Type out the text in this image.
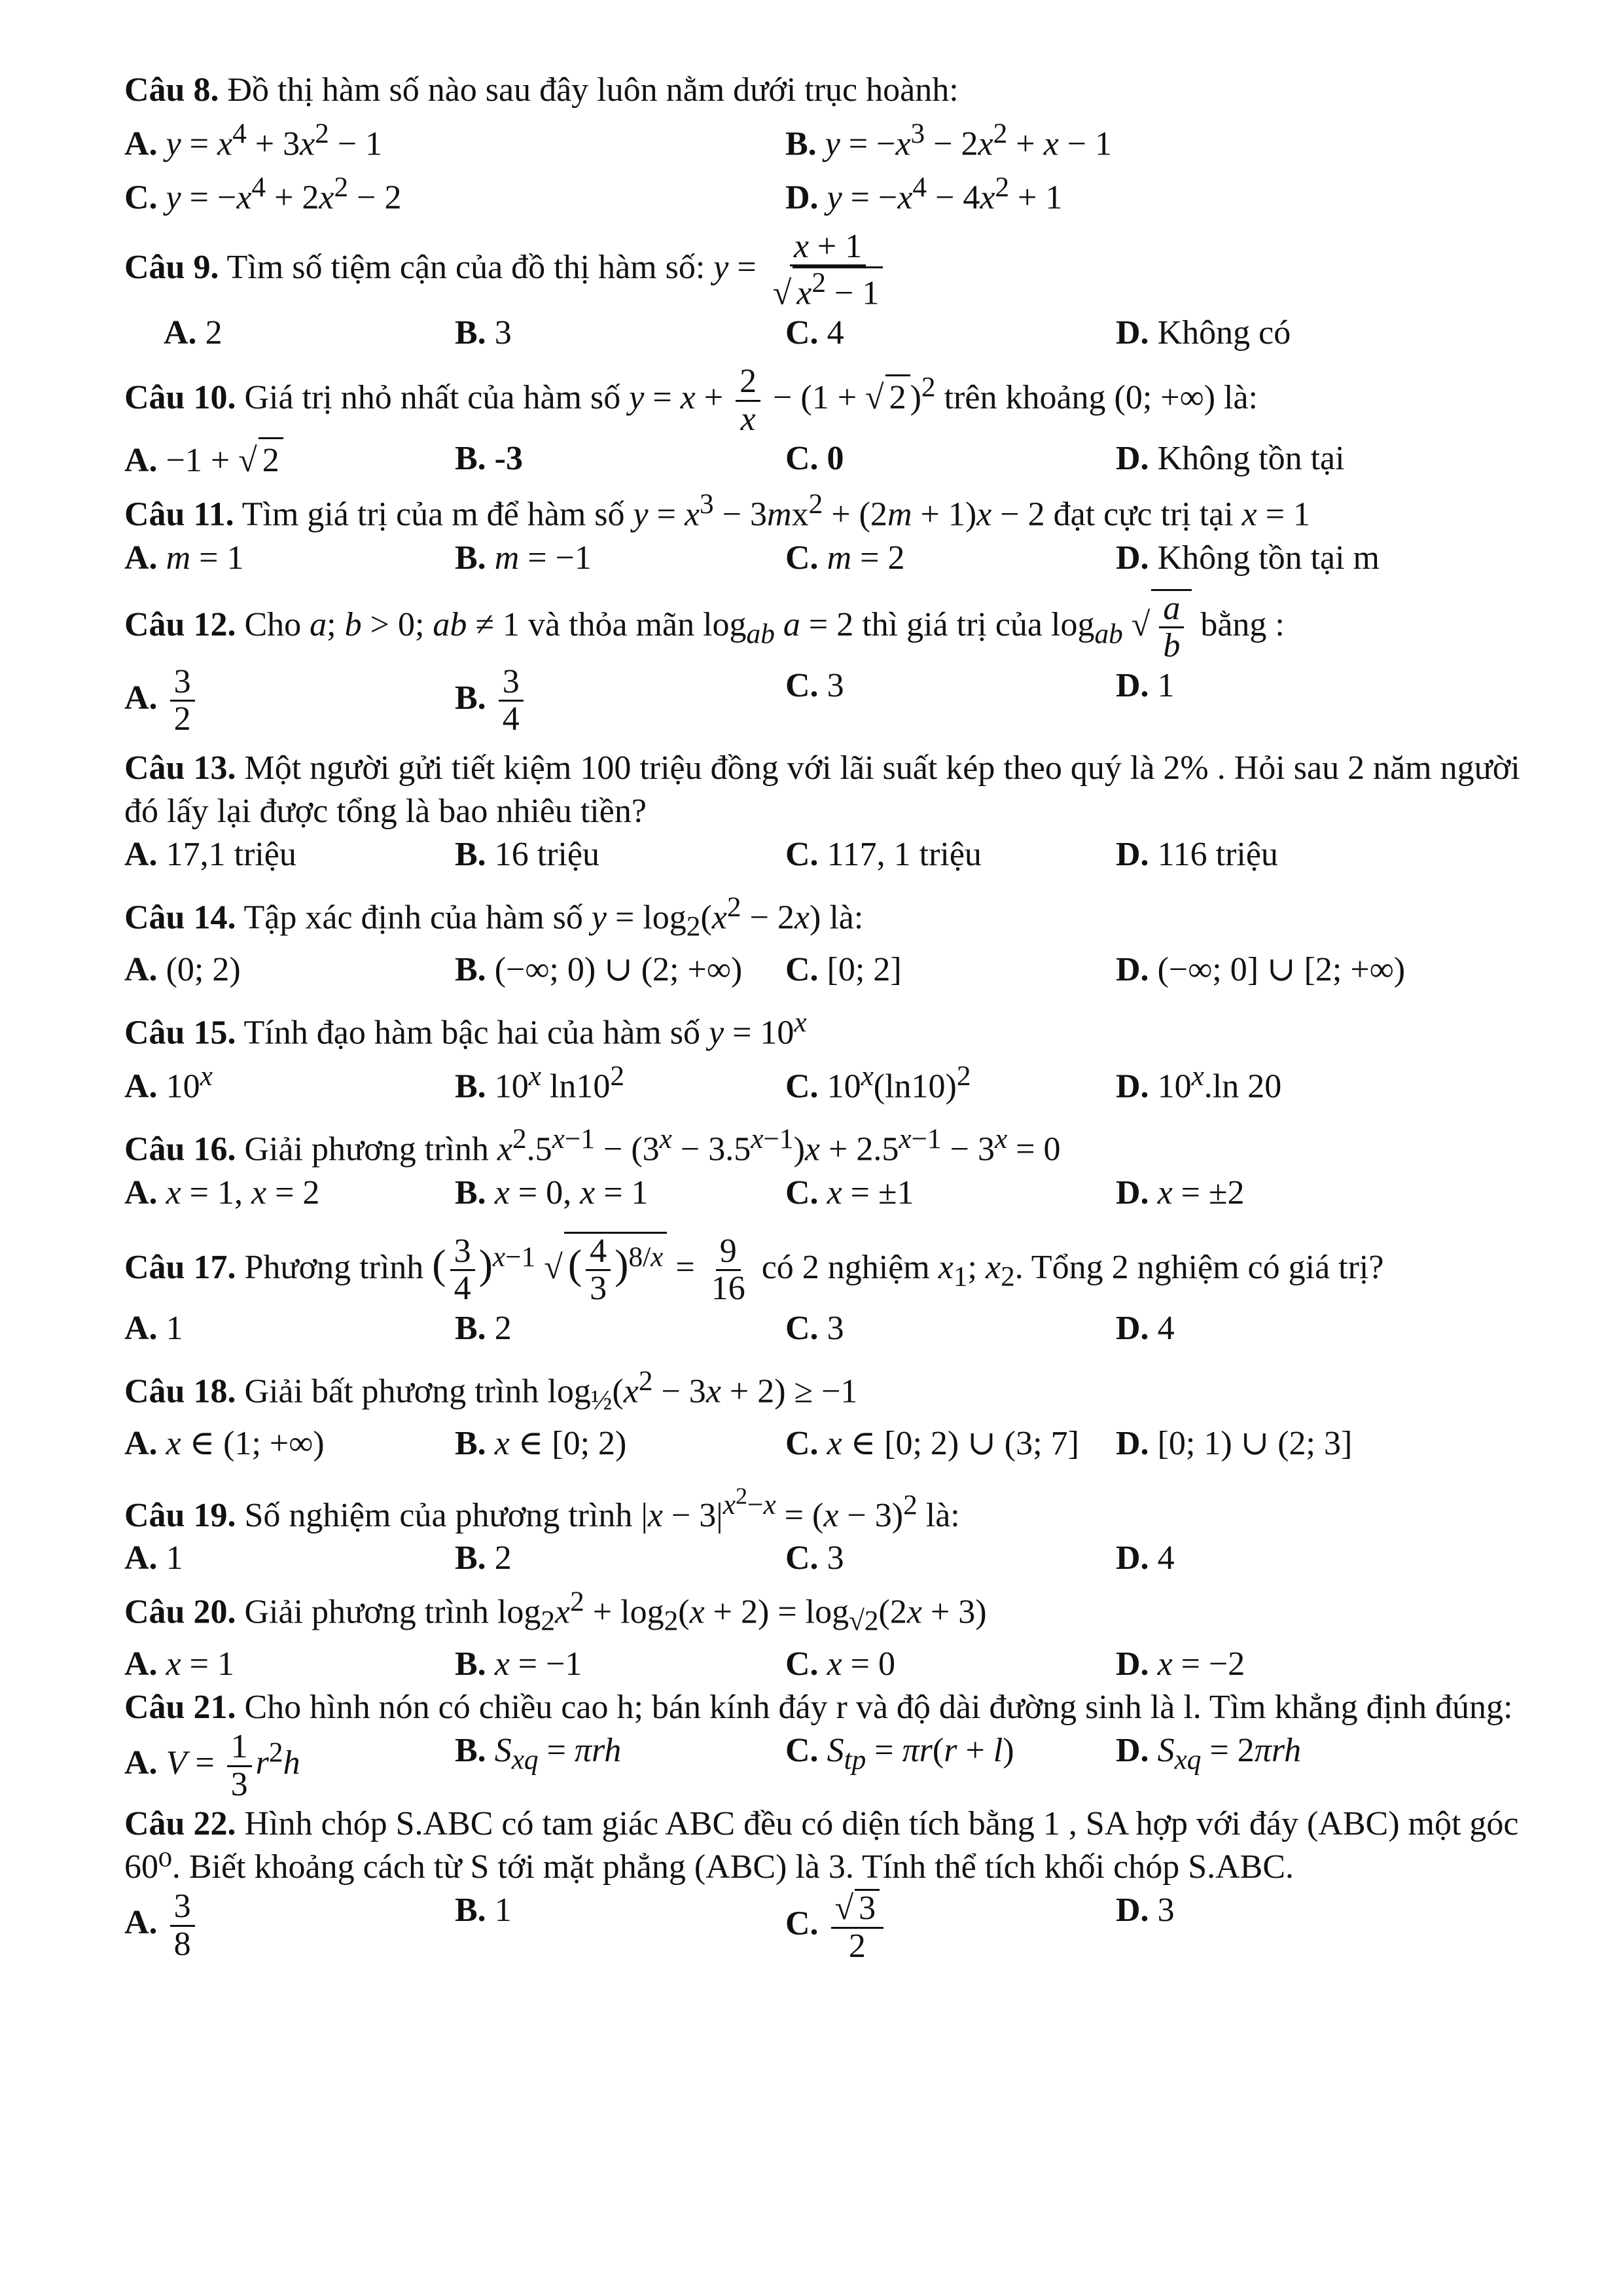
Câu 8. Đồ thị hàm số nào sau đây luôn nằm dưới trục hoành:

A. $y = x^4 + 3x^2 - 1$	B. $y = -x^3 - 2x^2 + x - 1$
C. $y = -x^4 + 2x^2 - 2$	D. $y = -x^4 - 4x^2 + 1$

Câu 9. Tìm số tiệm cận của đồ thị hàm số: $y = \frac{x + 1}{√ x^2 - 1}$

A. 2	B. 3	C. 4	D. Không có

Câu 10. Giá trị nhỏ nhất của hàm số $y = x + \frac{2}{x} - (1$ + √ 2 )$^2$ trên khoảng (0; +∞) là:

A. −1 + √ 2	B. -3	C. 0	D. Không tồn tại

Câu 11. Tìm giá trị của m để hàm số $y = x^3 - 3mx^2 + (2m + 1)x - 2$ đạt cực trị tại x = 1

A. m = 1	B. m = −1	C. m = 2	D. Không tồn tại m

Câu 12. Cho a; b > 0; ab ≠ 1 và thỏa mãn $\log_{ab} a = 2$ thì giá trị của $\log_{ab}$ √ $\frac{a}{b}$ bằng :

A. $\frac{3}{2}$	B. $\frac{3}{4}$	C. 3	D. 1

Câu 13. Một người gửi tiết kiệm 100 triệu đồng với lãi suất kép theo quý là 2% . Hỏi sau 2 năm người đó lấy lại được tổng là bao nhiêu tiền?

A. 17,1 triệu	B. 16 triệu	C. 117, 1 triệu	D. 116 triệu

Câu 14. Tập xác định của hàm số $y = \log_2(x^2 - 2x)$ là:

A. (0; 2)	B. (−∞; 0) ∪ (2; +∞)	C. [0; 2]	D. (−∞; 0] ∪ [2; +∞)

Câu 15. Tính đạo hàm bậc hai của hàm số $y = 10^x$

A. 10$^x$	B. 10$^x$ $\ln 10^2$	C. $10^x(\ln 10)^2$	D. 10$^x$.ln 20

Câu 16. Giải phương trình $x^2.5^{x-1} - (3^x - 3.5^{x-1})x + 2.5^{x-1} - 3^x = 0$

A. x = 1, x = 2	B. x = 0, x = 1	C. x = ±1	D. x = ±2

Câu 17. Phương trình ( $\frac{3}{4} )^{x-1}$ √ ( $\frac{4}{3} )^{8/x} = \frac{9}{16}$ có 2 nghiệm $x_1$; $x_2$. Tổng 2 nghiệm có giá trị?

A. 1	B. 2	C. 3	D. 4

Câu 18. Giải bất phương trình $\log_{\frac{1}{2}}(x^2 - 3x + 2) \ge -1$

A. x ∈ (1; +∞)	B. x ∈ [0; 2)	C. x ∈ [0; 2) ∪ (3; 7]	D. [0; 1) ∪ (2; 3]

Câu 19. Số nghiệm của phương trình $|x - 3|^{x^2-x} = (x - 3)^2$ là:

A. 1	B. 2	C. 3	D. 4

Câu 20. Giải phương trình $\log_2x^2 + \log_2(x + 2) = \log_{√2}(2x + 3)$

A. x = 1	B. x = −1	C. x = 0	D. x = −2

Câu 21. Cho hình nón có chiều cao h; bán kính đáy r và độ dài đường sinh là l. Tìm khẳng định đúng:

A. $V = \frac{1}{3} r^2h$	B. $S_{xq} = \pi rh$	C. $S_{tp} = \pi r(r + l)$	D. $S_{xq} = 2\pi rh$

Câu 22. Hình chóp S.ABC có tam giác ABC đều có diện tích bằng 1 , SA hợp với đáy (ABC) một góc 60⁰. Biết khoảng cách từ S tới mặt phẳng (ABC) là 3. Tính thể tích khối chóp S.ABC.

A. $\frac{3}{8}$	B. 1	C. $\frac{√ 3}{2}$	D. 3
